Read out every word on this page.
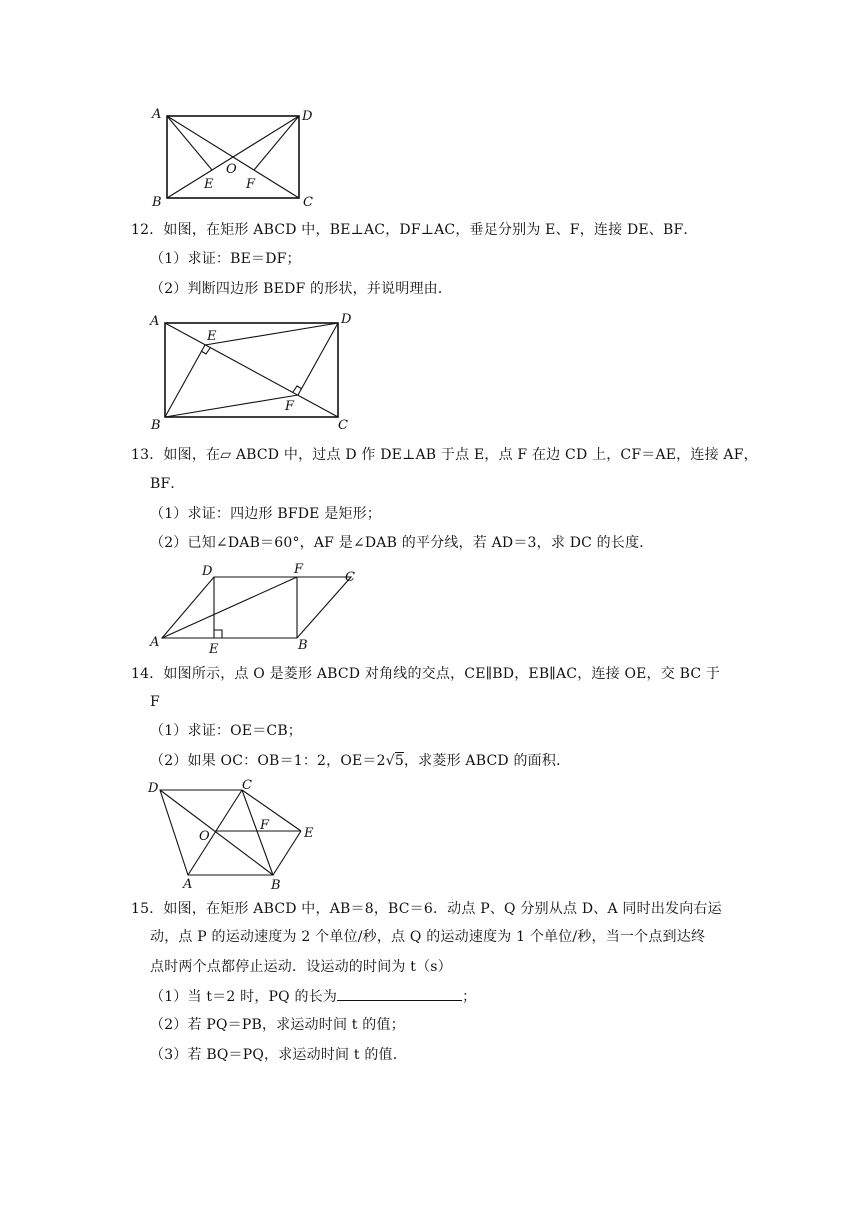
A	D
B	C
O
E	F
12．如图，在矩形 ABCD 中，BE⊥AC，DF⊥AC，垂足分别为 E、F，连接 DE、BF．
（1）求证：BE＝DF；
（2）判断四边形 BEDF 的形状，并说明理由．
A	D
B	C
E
F
13．如图，在▱ ABCD 中，过点 D 作 DE⊥AB 于点 E，点 F 在边 CD 上，CF＝AE，连接 AF，
BF．
（1）求证：四边形 BFDE 是矩形；
（2）已知∠DAB＝60°，AF 是∠DAB 的平分线，若 AD＝3，求 DC 的长度．
D	F
C
A	E	B
14．如图所示，点 O 是菱形 ABCD 对角线的交点，CE∥BD，EB∥AC，连接 OE，交 BC 于
F
（1）求证：OE＝CB；
（2）如果 OC：OB＝1：2，OE＝2√5，求菱形 ABCD 的面积．
D	C
O
F
E
A	B
15．如图，在矩形 ABCD 中，AB＝8，BC＝6．动点 P、Q 分别从点 D、A 同时出发向右运
动，点 P 的运动速度为 2 个单位/秒，点 Q 的运动速度为 1 个单位/秒，当一个点到达终
点时两个点都停止运动．设运动的时间为 t（s）
（1）当 t＝2 时，PQ 的长为	；
（2）若 PQ＝PB，求运动时间 t 的值；
（3）若 BQ＝PQ，求运动时间 t 的值．
